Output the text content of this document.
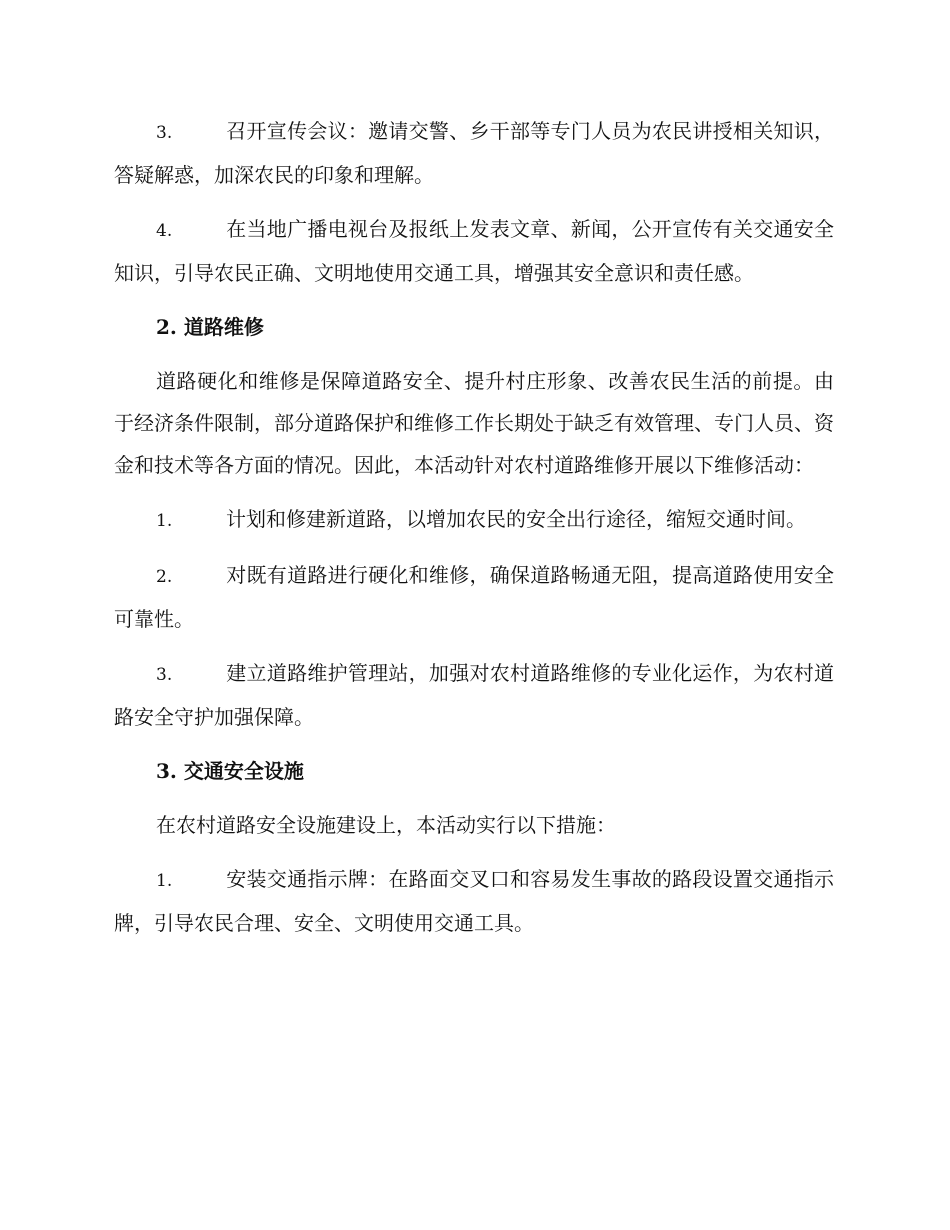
3.	召开宣传会议：邀请交警、乡干部等专门人员为农民讲授相关知识，答疑解惑，加深农民的印象和理解。

4.	在当地广播电视台及报纸上发表文章、新闻，公开宣传有关交通安全知识，引导农民正确、文明地使用交通工具，增强其安全意识和责任感。

2. 道路维修

道路硬化和维修是保障道路安全、提升村庄形象、改善农民生活的前提。由于经济条件限制，部分道路保护和维修工作长期处于缺乏有效管理、专门人员、资金和技术等各方面的情况。因此，本活动针对农村道路维修开展以下维修活动：

1.	计划和修建新道路，以增加农民的安全出行途径，缩短交通时间。

2.	对既有道路进行硬化和维修，确保道路畅通无阻，提高道路使用安全可靠性。

3.	建立道路维护管理站，加强对农村道路维修的专业化运作，为农村道路安全守护加强保障。

3. 交通安全设施

在农村道路安全设施建设上，本活动实行以下措施：

1.	安装交通指示牌：在路面交叉口和容易发生事故的路段设置交通指示牌，引导农民合理、安全、文明使用交通工具。
